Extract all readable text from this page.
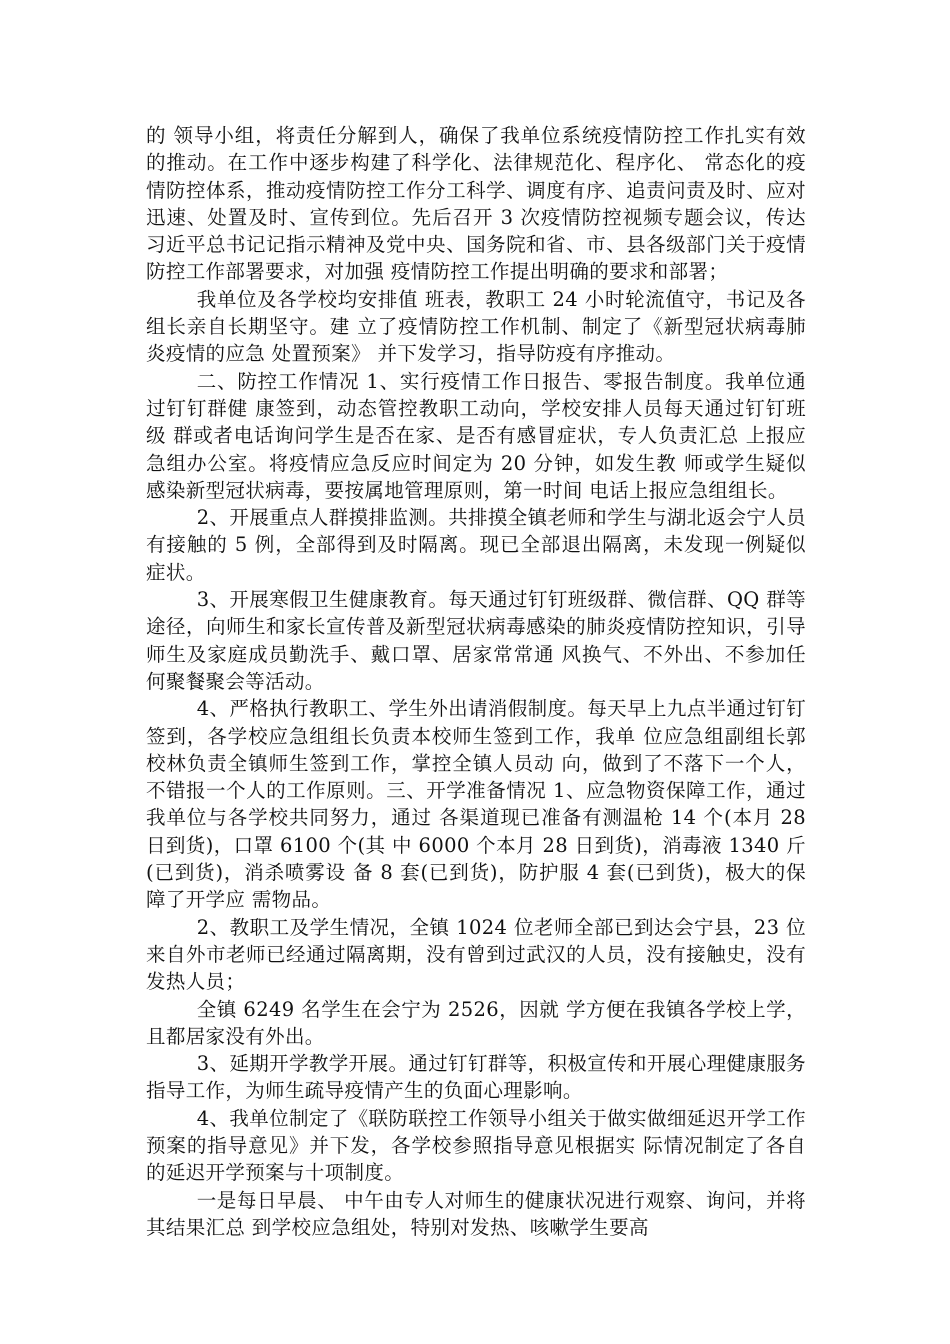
的 领导小组，将责任分解到人，确保了我单位系统疫情防控工作扎实有效的推动。在工作中逐步构建了科学化、法律规范化、程序化、 常态化的疫情防控体系，推动疫情防控工作分工科学、调度有序、追责问责及时、应对迅速、处置及时、宣传到位。先后召开 3 次疫情防控视频专题会议，传达习近平总书记记指示精神及党中央、国务院和省、市、县各级部门关于疫情防控工作部署要求，对加强 疫情防控工作提出明确的要求和部署；

我单位及各学校均安排值 班表，教职工 24 小时轮流值守，书记及各组长亲自长期坚守。建 立了疫情防控工作机制、制定了《新型冠状病毒肺炎疫情的应急 处置预案》 并下发学习，指导防疫有序推动。

二、防控工作情况 1、实行疫情工作日报告、零报告制度。我单位通过钉钉群健 康签到，动态管控教职工动向，学校安排人员每天通过钉钉班级 群或者电话询问学生是否在家、是否有感冒症状，专人负责汇总 上报应急组办公室。将疫情应急反应时间定为 20 分钟，如发生教 师或学生疑似感染新型冠状病毒，要按属地管理原则，第一时间 电话上报应急组组长。

2、开展重点人群摸排监测。共排摸全镇老师和学生与湖北返会宁人员有接触的 5 例，全部得到及时隔离。现已全部退出隔离，未发现一例疑似症状。

3、开展寒假卫生健康教育。每天通过钉钉班级群、微信群、QQ 群等途径，向师生和家长宣传普及新型冠状病毒感染的肺炎疫情防控知识，引导师生及家庭成员勤洗手、戴口罩、居家常常通 风换气、不外出、不参加任何聚餐聚会等活动。

4、严格执行教职工、学生外出请消假制度。每天早上九点半通过钉钉签到，各学校应急组组长负责本校师生签到工作，我单 位应急组副组长郭校林负责全镇师生签到工作，掌控全镇人员动 向，做到了不落下一个人，不错报一个人的工作原则。三、开学准备情况 1、应急物资保障工作，通过我单位与各学校共同努力，通过 各渠道现已准备有测温枪 14 个(本月 28 日到货)，口罩 6100 个(其 中 6000 个本月 28 日到货)，消毒液 1340 斤(已到货)，消杀喷雾设 备 8 套(已到货)，防护服 4 套(已到货)，极大的保障了开学应 需物品。

2、教职工及学生情况，全镇 1024 位老师全部已到达会宁县，23 位来自外市老师已经通过隔离期，没有曾到过武汉的人员，没有接触史，没有发热人员；

全镇 6249 名学生在会宁为 2526，因就 学方便在我镇各学校上学，且都居家没有外出。

3、延期开学教学开展。通过钉钉群等，积极宣传和开展心理健康服务指导工作，为师生疏导疫情产生的负面心理影响。

4、我单位制定了《联防联控工作领导小组关于做实做细延迟开学工作预案的指导意见》并下发，各学校参照指导意见根据实 际情况制定了各自的延迟开学预案与十项制度。

一是每日早晨、 中午由专人对师生的健康状况进行观察、询问，并将其结果汇总 到学校应急组处，特别对发热、咳嗽学生要高
